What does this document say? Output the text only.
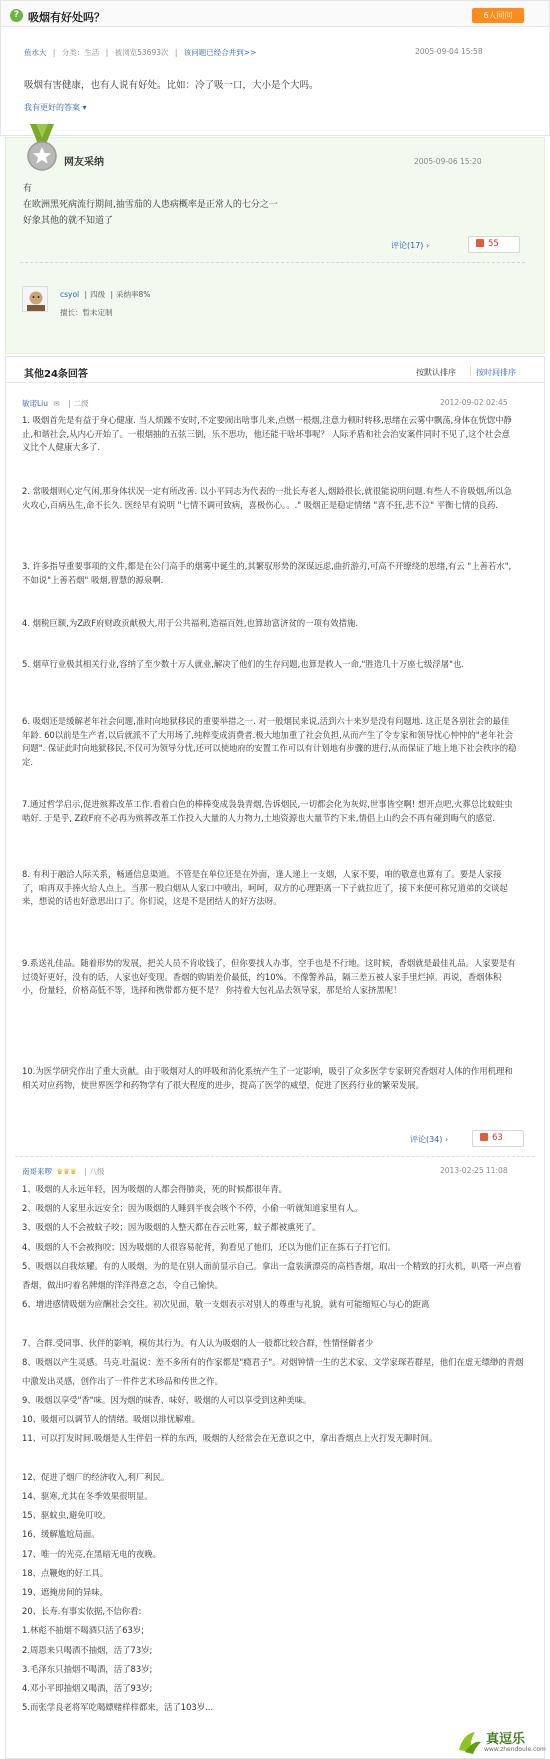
? 吸烟有好处吗？	6人同问
鱼水大 | 分类：生活 | 被浏览53693次 | 该问题已经合并到>>	2005-09-04 15:58
吸烟有害健康，也有人说有好处。比如：冷了吸一口，大小是个大吗。
我有更好的答案 ▾
网友采纳	2005-09-06 15:20
有
在欧洲黑死病流行期间,抽雪茄的人患病概率是正常人的七分之一
好象其他的就不知道了
评论(17) ›	55
csyol | 四级 | 采纳率8%
擅长：暂未定制
其他24条回答	按默认排序 | 按时间排序
敏诺Liu ✉ | 二级	2012-09-02 02:45
1. 吸烟首先是有益于身心健康. 当人烦躁不安时,不定要闹出啥事儿来,点燃一根烟,注意力顿时转移,思绪在云雾中飘荡,身体在恍惚中静止,和谐社会,从内心开始了。一根烟抽的五弦三倒，乐不思功，他还能干啥坏事呢？ 人际矛盾和社会治安案件同时不见了,这个社会意义比个人健康大多了.
2. 常吸烟则心定气闲,那身体状况一定有所改善. 以小平同志为代表的一批长寿老人,烟龄很长,就很能说明问题.有些人不肯吸烟,所以急火攻心,百病丛生,命不长久. 医经早有说明 "七情不调可致病，喜极伤心。。." 吸烟正是稳定情绪 "喜不狂,悲不泣" 平衡七情的良药.
3. 许多指导重要事项的文件,都是在公门高手的烟雾中诞生的,其繁驭形势的深谋远虑,曲折游刃,可高不开缭绕的思绪,有云 "上善若水",不如说"上善若烟" 吸烟,智慧的源泉啊.
4. 烟税巨额,为Z政F府财政贡献极大,用于公共福利,造福百姓,也算劫富济贫的一项有效措施.
5. 烟草行业极其相关行业,容纳了至少数十万人就业,解决了他们的生存问题,也算是救人一命,"胜造几十万座七级浮屠"也.
6. 吸烟还是缓解老年社会问题,准时向地狱移民的重要举措之一. 对一般烟民来说,活到六十来岁是没有问题地. 这正是各别社会的最佳年龄. 60以前是生产者,以后就派不了大用场了,纯粹变成消费者.极大地加重了社会负担,从而产生了令专家和领导忧心忡忡的"老年社会问题". 保证此时向地狱移民,不仅可为领导分忧,还可以使地府的安置工作可以有计划地有步骤的进行,从而保证了地上地下社会秩序的稳定.
7.通过哲学启示,促进殡葬改革工作.看着白色的棒棒变成袅袅青烟,告诉烟民,一切都会化为灰烬,世事皆空啊! 想开点吧,火葬总比蚊蛀虫啮好. 于是乎, Z政F府不必再为殡葬改革工作投入大量的人力物力,土地资源也大量节约下来,情侣上山约会不再有碰到晦气的感觉.
8. 有利于融洽人际关系，畅通信息渠道。不管是在单位还是在外面，逢人递上一支烟，人家不要，咱的敬意也算有了。要是人家接了，咱再双手捧火给人点上。当那一股白烟从人家口中喷出，呵呵，双方的心理距离一下子就拉近了，接下来便可称兄道弟的交谈起来，想说的话也好意思出口了。你们说，这是不是团结人的好方法呀。
9.系送礼佳品。随着形势的发展，把关人员不肯收钱了，但你要找人办事，空手也是不行地。这时候，香烟就是最佳礼品。人家要是有过烫好更好，没有的话，人家也好变现。香烟的购销差价最低，约10%。不像警养品，隔三差五被人家手里烂掉。再说，香烟体积小，份量轻，价格高低不等，选择和携带都方便不是？ 你持着大包礼品去领导家，那是给人家挤黑呢！
10.为医学研究作出了重大贡献。由于吸烟对人的呼吸和消化系统产生了一定影响，吸引了众多医学专家研究香烟对人体的作用机理和相关对应药物，使世界医学和药物学有了很大程度的进步，提高了医学的威望，促进了医药行业的繁荣发展。
评论(34) ›	63
南哥来啰 ♛♛♛ | 八级	2013-02-25 11:08
1、吸烟的人永远年轻，因为吸烟的人都会得肺炎，死的时候都很年青。
2、吸烟的人家里永远安全；因为吸烟的人睡到半夜会咳个不停，小偷一听就知道家里有人。
3、吸烟的人不会被蚊子咬；因为吸烟的人整天都在吞云吐雾，蚊子都被熏死了。
4、吸烟的人不会被狗咬；因为吸烟的人很容易驼背，狗看见了他们，还以为他们正在拣石子打它们。
5、吸烟以自我炫耀。有的人吸烟，为的是在别人面前显示自己。拿出一盒装潢漂亮的高档香烟，取出一个精致的打火机，叭嗒一声点着香烟，做出叼着名牌烟的洋洋得意之态，令自己愉快。
6、增进感情吸烟为应酬社会交往。初次见面，敬一支烟表示对别人的尊重与礼貌，就有可能缩短心与心的距离
7、合群.受同事、伙伴的影响，模仿其行为。有人认为吸烟的人一般都比较合群，性情怪僻者少
8、吸烟以产生灵感。马克.吐温说：差不多所有的作家都是"瘾君子"。对烟钟情一生的艺术家、文学家琛若群星，他们在虚无缥缈的青烟中激发出灵感，创作出了一件件艺术珍品和传世之作。
9、吸烟以享受"香"味。因为烟的味香、味好，吸烟的人可以享受到这种美味。
10、吸烟可以调节人的情绪。吸烟以排忧解难。
11、可以打发时间.吸烟是人生伴侣一样的东西，吸烟的人经常会在无意识之中，拿出香烟点上火打发无聊时间。
12、促进了烟厂的经济收入,利厂利民。
14、驱寒,尤其在冬季效果很明显。
15、驱蚊虫,避免叮咬。
16、缓解尴尬局面。
17、唯一的光亮,在黑暗无电的夜晚。
18、点鞭炮的好工具。
19、遮掩房间的异味。
20、长寿.有事实依据,不信你看:
1.林彪不抽烟不喝酒只活了63岁;
2.周恩来只喝酒不抽烟，活了73岁;
3.毛泽东只抽烟不喝酒，活了83岁;
4.邓小平即抽烟又喝酒，活了93岁;
5.而张学良老将军吃喝嫖赌样样都来，活了103岁...
真逗乐
www.zhendoule.com
